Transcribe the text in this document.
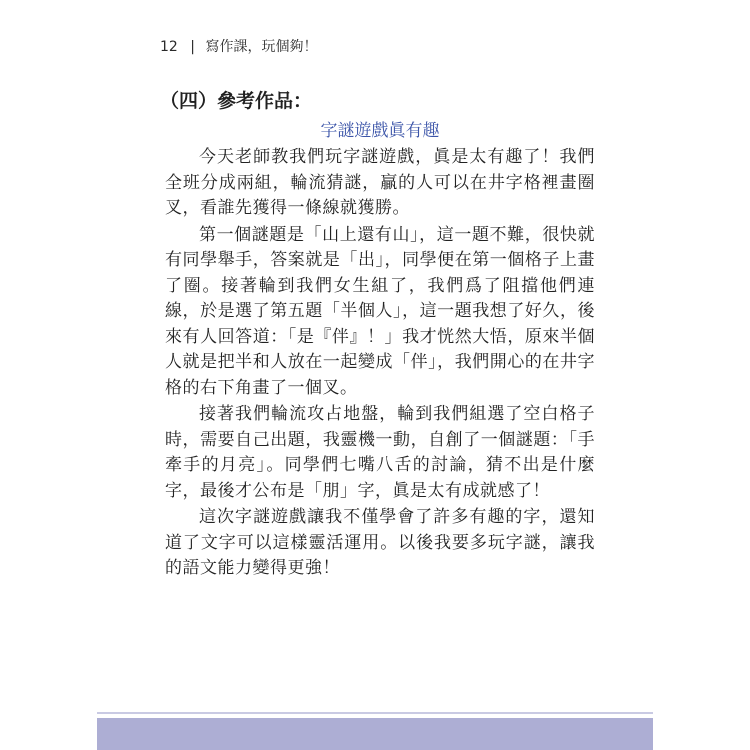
12 | 寫作課，玩個夠！
（四）參考作品：
字謎遊戲眞有趣

今天老師教我們玩字謎遊戲，眞是太有趣了！我們全班分成兩組，輪流猜謎，贏的人可以在井字格裡畫圈叉，看誰先獲得一條線就獲勝。

第一個謎題是「山上還有山」，這一題不難，很快就有同學舉手，答案就是「出」，同學便在第一個格子上畫了圈。接著輪到我們女生組了，我們爲了阻擋他們連線，於是選了第五題「半個人」，這一題我想了好久，後來有人回答道：「是『伴』！」我才恍然大悟，原來半個人就是把半和人放在一起變成「伴」，我們開心的在井字格的右下角畫了一個叉。

接著我們輪流攻占地盤，輪到我們組選了空白格子時，需要自己出題，我靈機一動，自創了一個謎題：「手牽手的月亮」。同學們七嘴八舌的討論，猜不出是什麼字，最後才公布是「朋」字，眞是太有成就感了！

這次字謎遊戲讓我不僅學會了許多有趣的字，還知道了文字可以這樣靈活運用。以後我要多玩字謎，讓我的語文能力變得更強！
